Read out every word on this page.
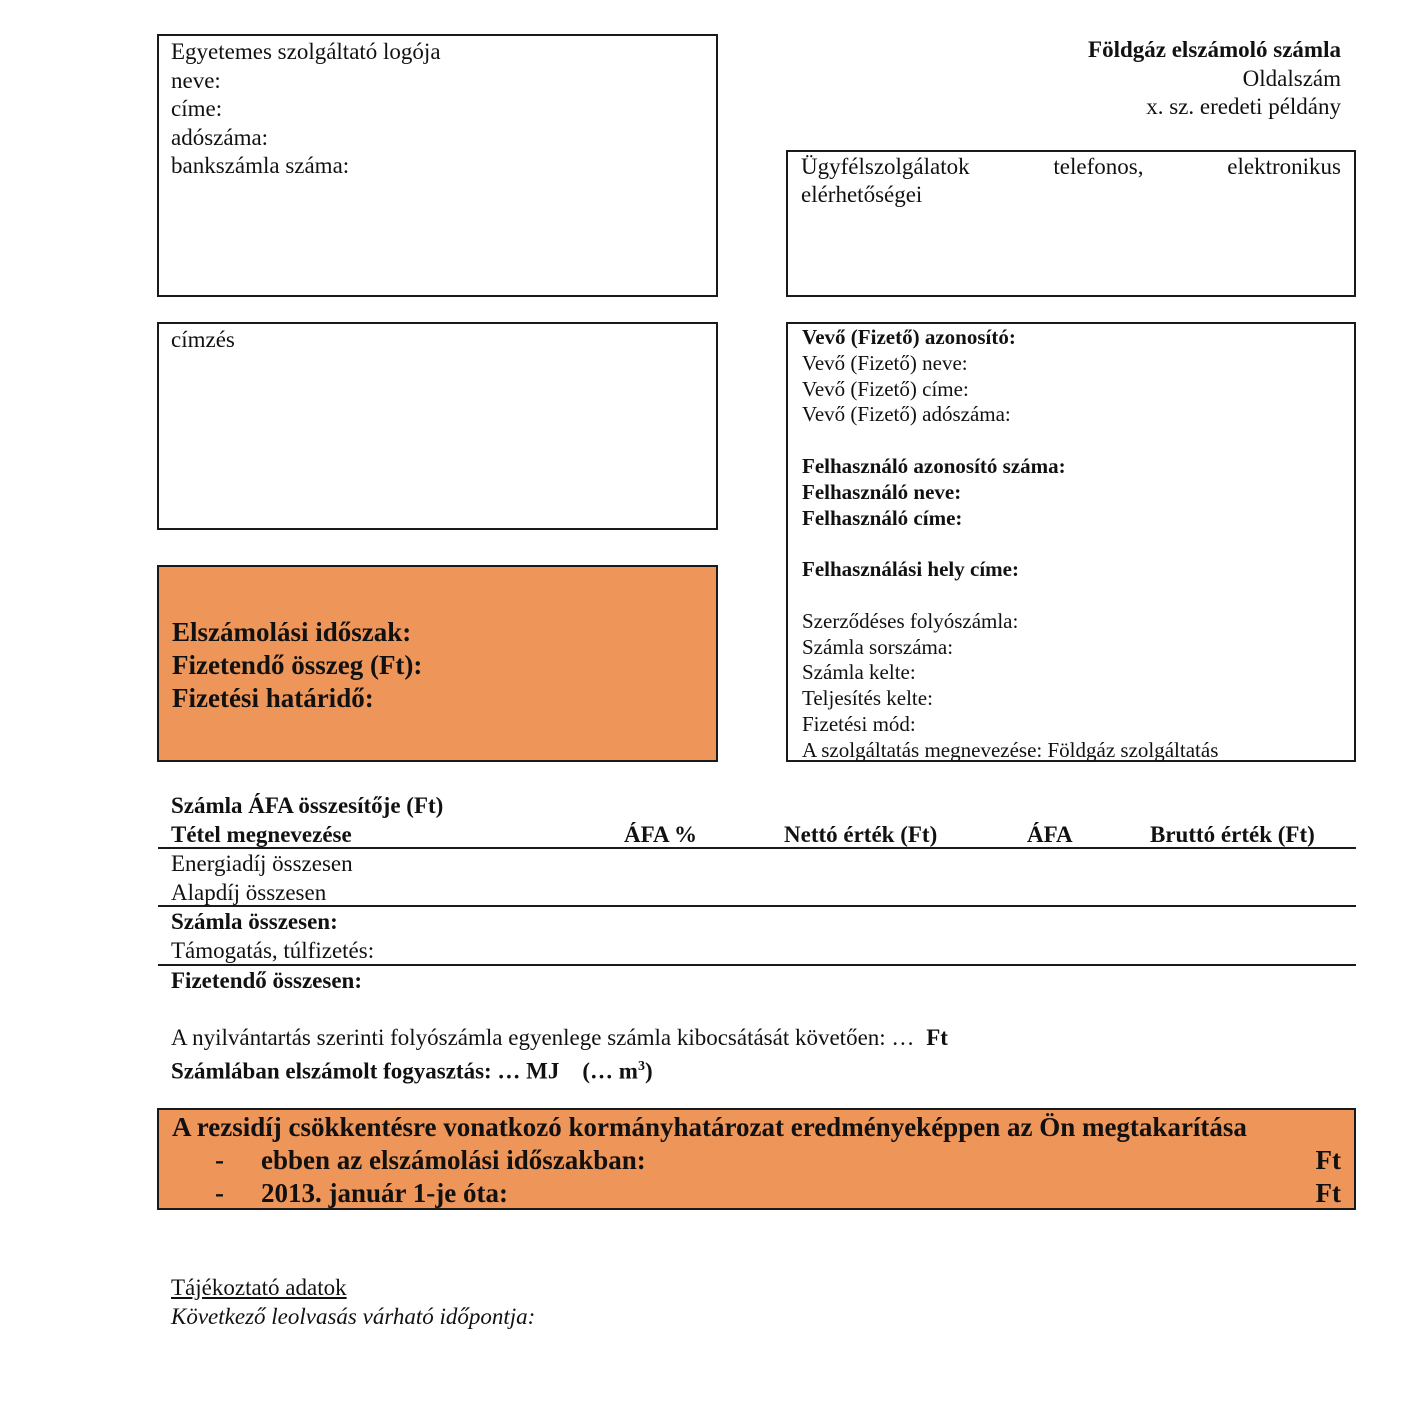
Egyetemes szolgáltató logója
neve:
címe:
adószáma:
bankszámla száma:
Földgáz elszámoló számla
Oldalszám
x. sz. eredeti példány
Ügyfélszolgálatok	telefonos,	elektronikus
elérhetőségei
címzés	Vevő (Fizető) azonosító:
Vevő (Fizető) neve:
Vevő (Fizető) címe:
Vevő (Fizető) adószáma:

Felhasználó azonosító száma:
Felhasználó neve:
Felhasználó címe:

Felhasználási hely címe:

Szerződéses folyószámla:
Számla sorszáma:
Számla kelte:
Teljesítés kelte:
Fizetési mód:
A szolgáltatás megnevezése: Földgáz szolgáltatás
Elszámolási időszak:
Fizetendő összeg (Ft):
Fizetési határidő:
Számla ÁFA összesítője (Ft)
Tétel megnevezése	ÁFA %	Nettó érték (Ft)	ÁFA	Bruttó érték (Ft)
Energiadíj összesen
Alapdíj összesen
Számla összesen:
Támogatás, túlfizetés:
Fizetendő összesen:
A nyilvántartás szerinti folyószámla egyenlege számla kibocsátását követően: … Ft
Számlában elszámolt fogyasztás: … MJ    (… $m^3$)
A rezsidíj csökkentésre vonatkozó kormányhatározat eredményeképpen az Ön megtakarítása
- ebben az elszámolási időszakban:	Ft
- 2013. január 1-je óta:	Ft
Tájékoztató adatok
Következő leolvasás várható időpontja:
